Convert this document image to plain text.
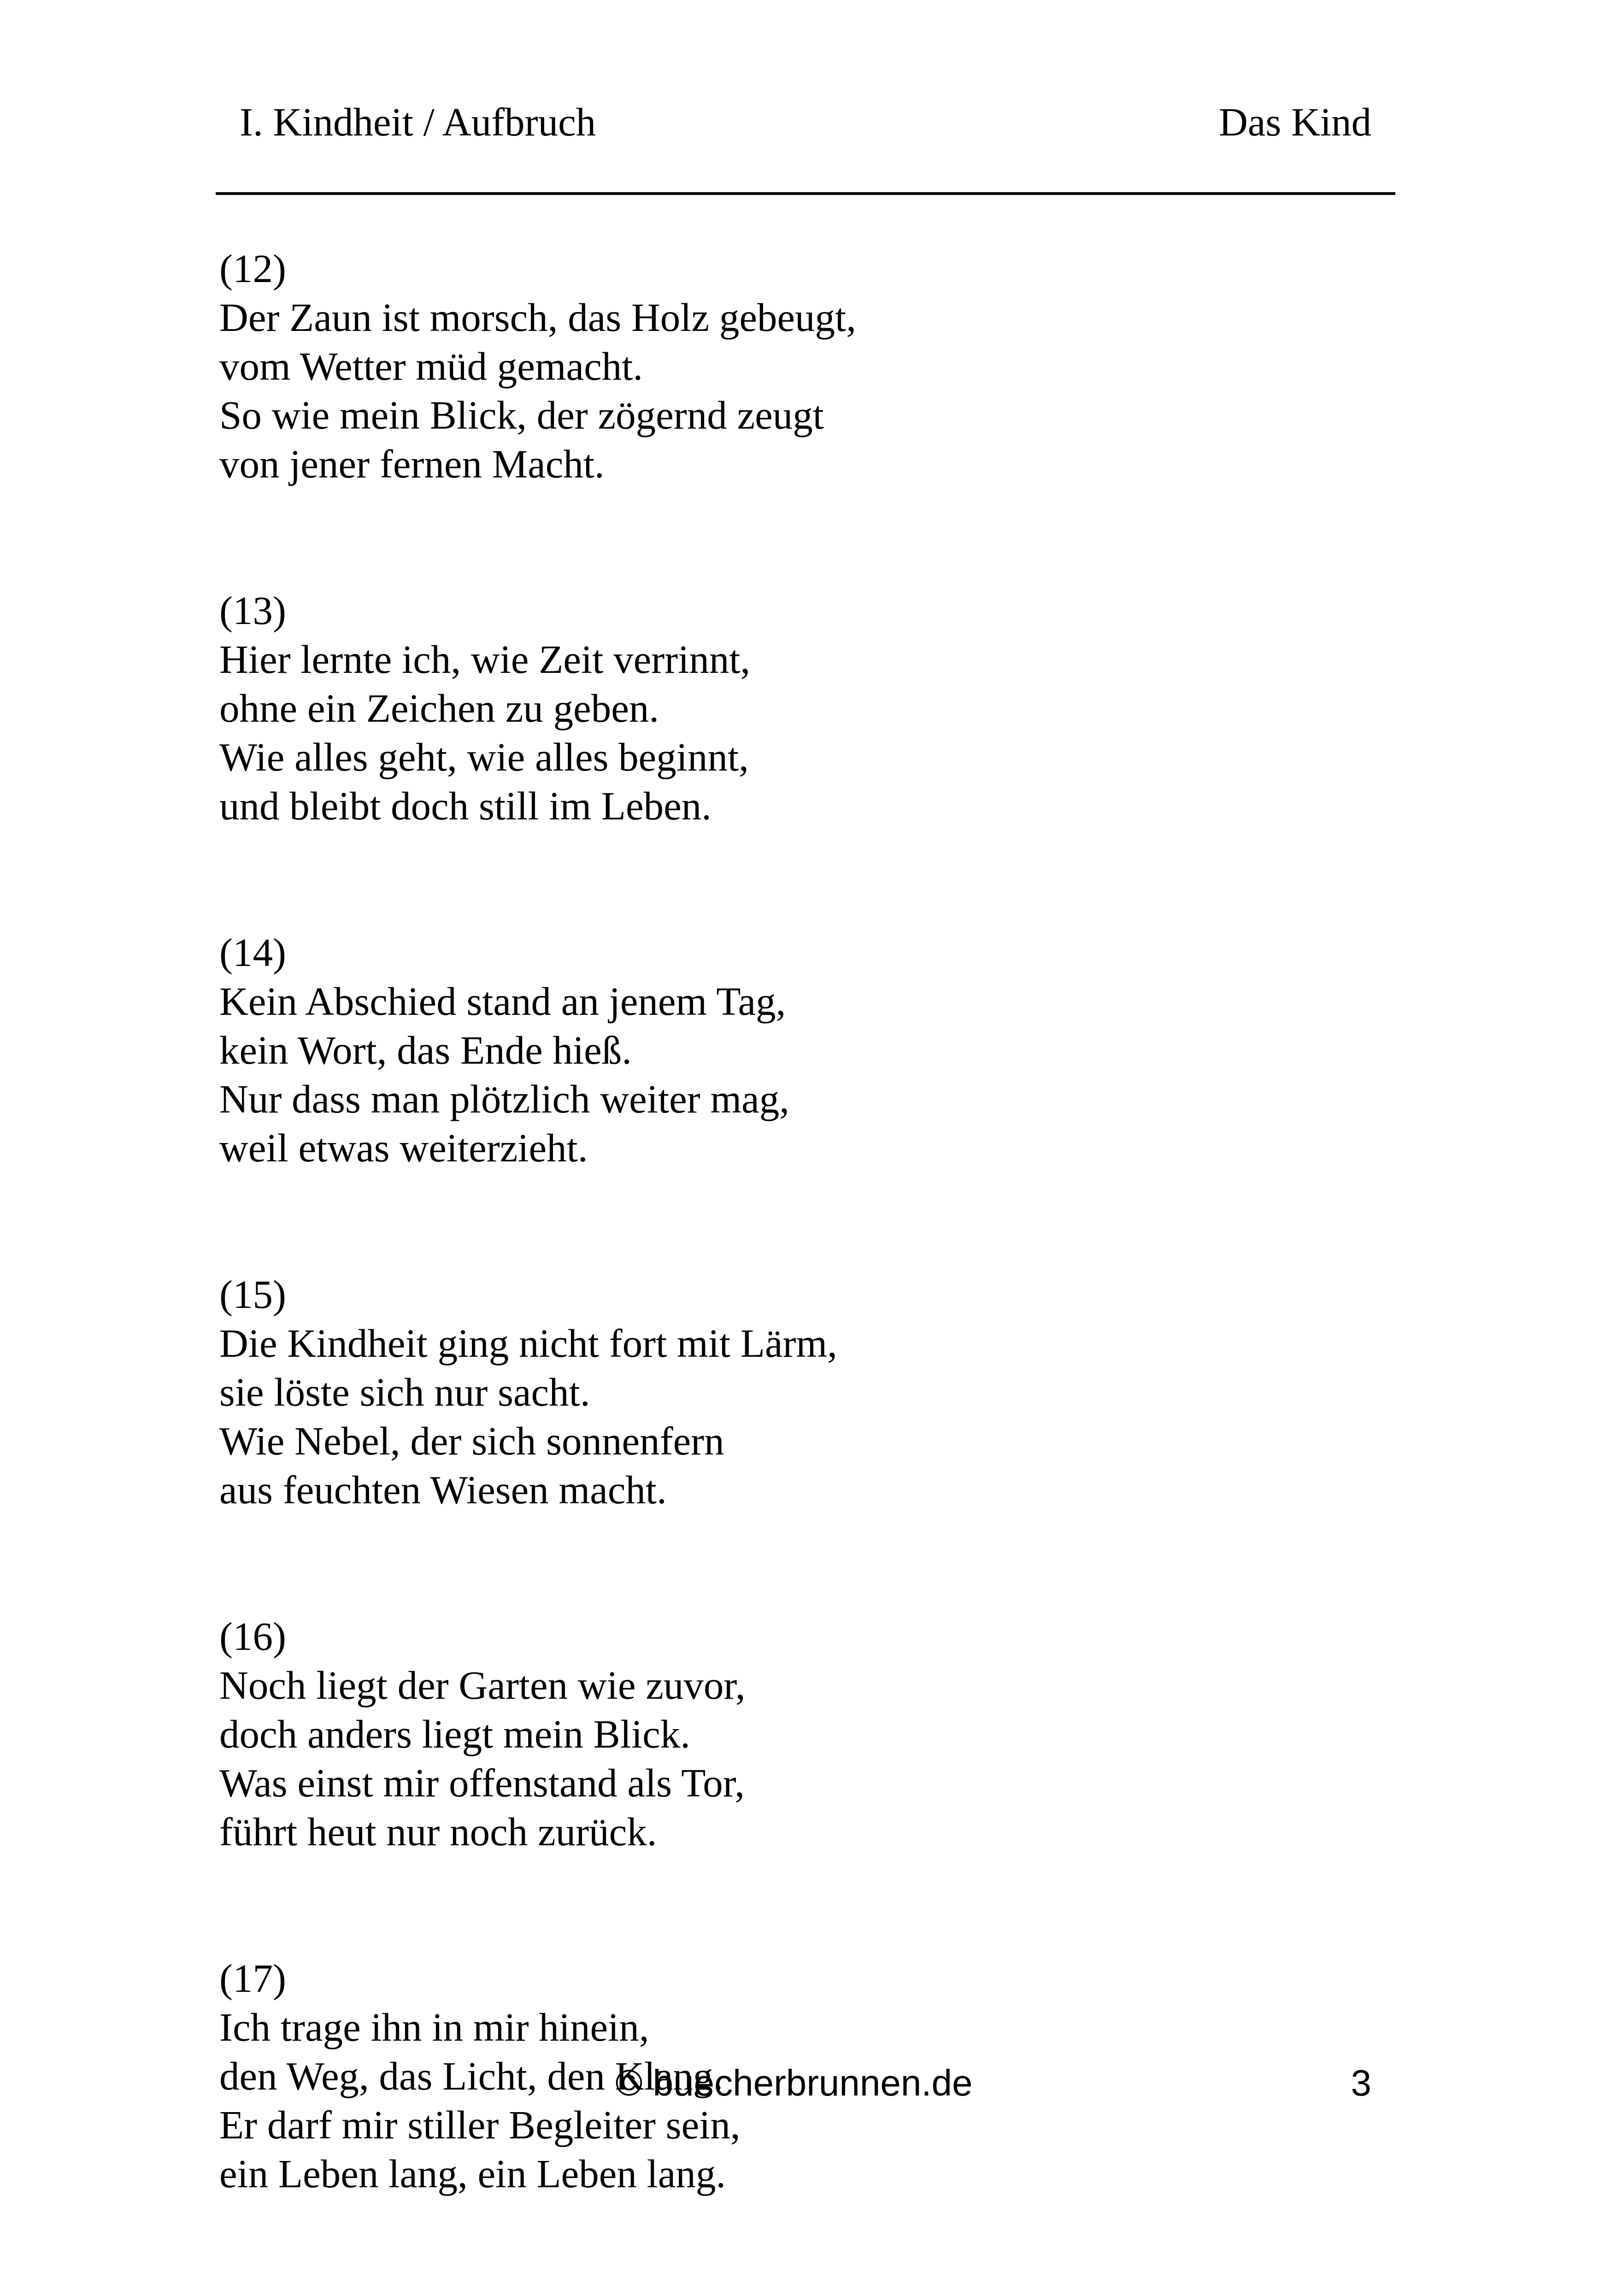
I. Kindheit / Aufbruch	Das Kind
(12)
Der Zaun ist morsch, das Holz gebeugt,
vom Wetter müd gemacht.
So wie mein Blick, der zögernd zeugt
von jener fernen Macht.
(13)
Hier lernte ich, wie Zeit verrinnt,
ohne ein Zeichen zu geben.
Wie alles geht, wie alles beginnt,
und bleibt doch still im Leben.
(14)
Kein Abschied stand an jenem Tag,
kein Wort, das Ende hieß.
Nur dass man plötzlich weiter mag,
weil etwas weiterzieht.
(15)
Die Kindheit ging nicht fort mit Lärm,
sie löste sich nur sacht.
Wie Nebel, der sich sonnenfern
aus feuchten Wiesen macht.
(16)
Noch liegt der Garten wie zuvor,
doch anders liegt mein Blick.
Was einst mir offenstand als Tor,
führt heut nur noch zurück.
(17)
Ich trage ihn in mir hinein,
den Weg, das Licht, den Klang.
Er darf mir stiller Begleiter sein,
ein Leben lang, ein Leben lang.
© buecherbrunnen.de	3
